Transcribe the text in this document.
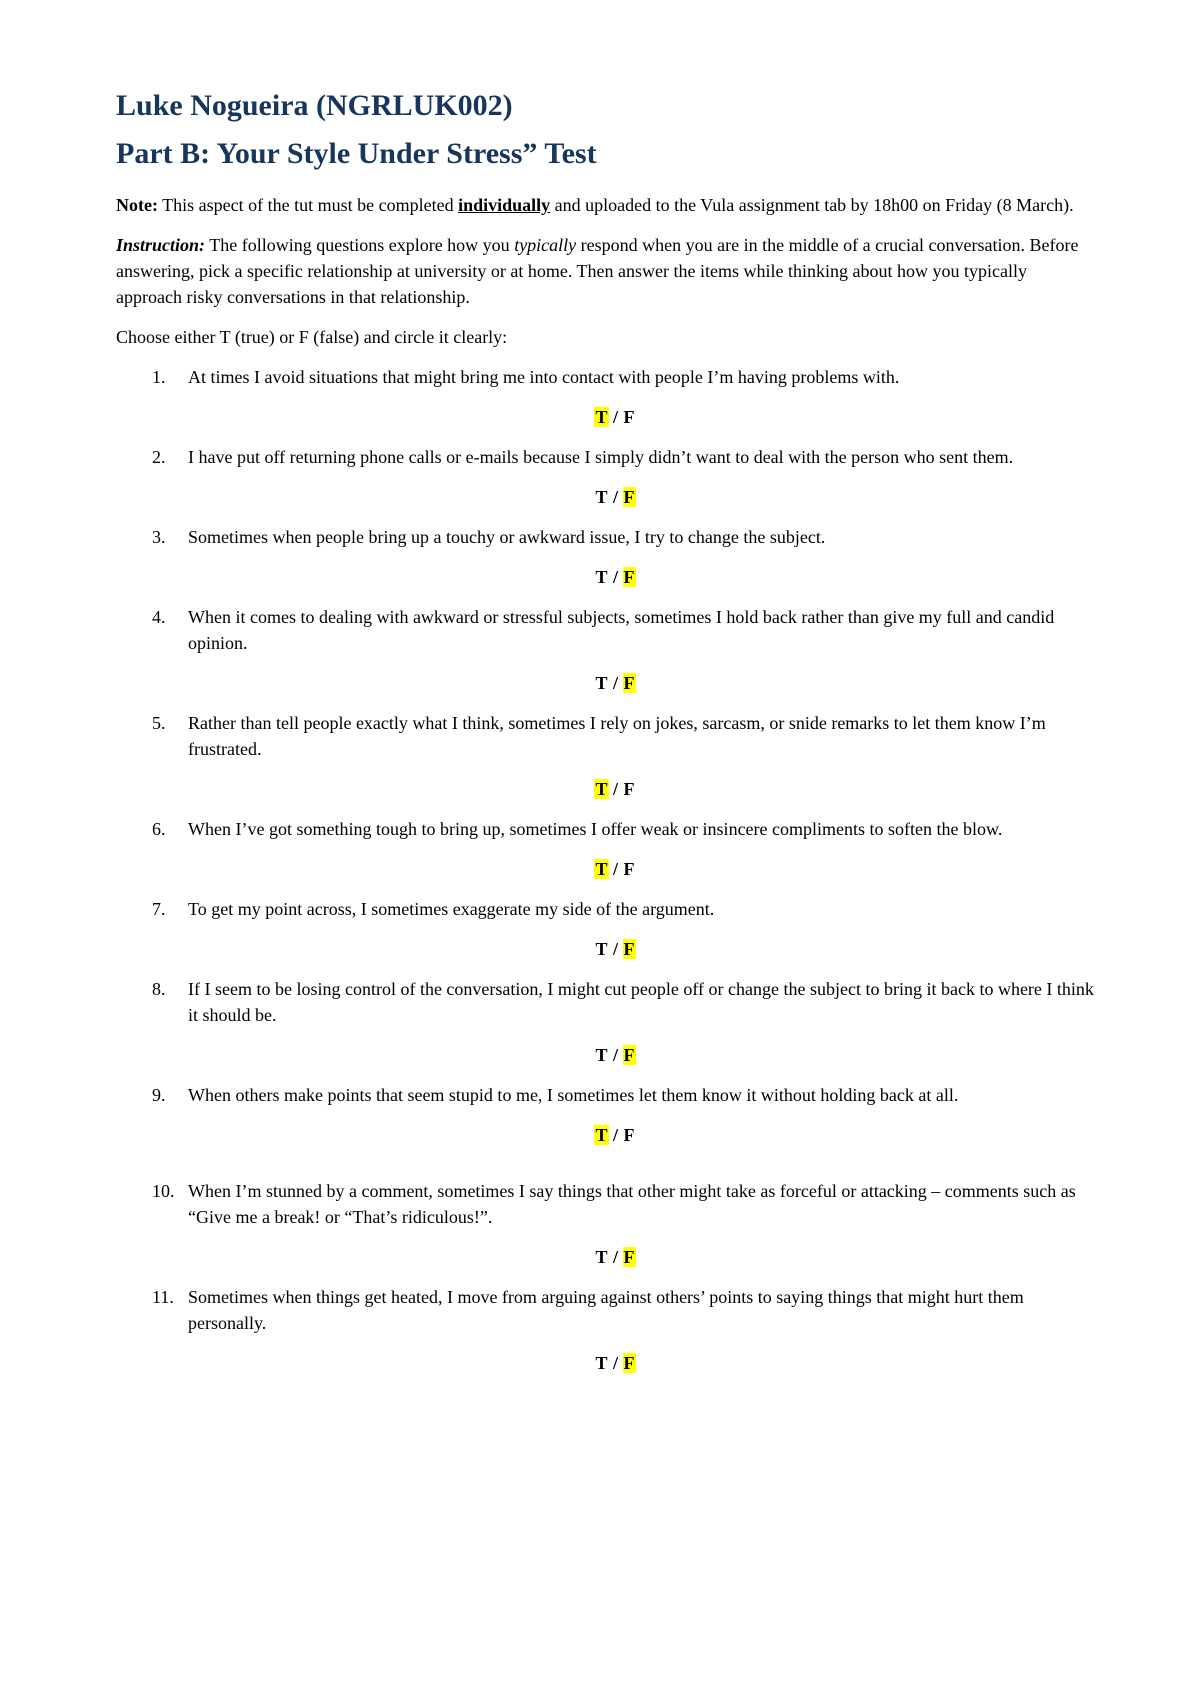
Luke Nogueira (NGRLUK002)
Part B: Your Style Under Stress” Test

Note: This aspect of the tut must be completed individually and uploaded to the Vula assignment tab by 18h00 on Friday (8 March).

Instruction: The following questions explore how you typically respond when you are in the middle of a crucial conversation. Before answering, pick a specific relationship at university or at home. Then answer the items while thinking about how you typically approach risky conversations in that relationship.

Choose either T (true) or F (false) and circle it clearly:

1.	At times I avoid situations that might bring me into contact with people I’m having problems with.
T / F
2.	I have put off returning phone calls or e-mails because I simply didn’t want to deal with the person who sent them.
T / F
3.	Sometimes when people bring up a touchy or awkward issue, I try to change the subject.
T / F
4.	When it comes to dealing with awkward or stressful subjects, sometimes I hold back rather than give my full and candid opinion.
T / F
5.	Rather than tell people exactly what I think, sometimes I rely on jokes, sarcasm, or snide remarks to let them know I’m frustrated.
T / F
6.	When I’ve got something tough to bring up, sometimes I offer weak or insincere compliments to soften the blow.
T / F
7.	To get my point across, I sometimes exaggerate my side of the argument.
T / F
8.	If I seem to be losing control of the conversation, I might cut people off or change the subject to bring it back to where I think it should be.
T / F
9.	When others make points that seem stupid to me, I sometimes let them know it without holding back at all.
T / F
10. When I’m stunned by a comment, sometimes I say things that other might take as forceful or attacking – comments such as “Give me a break! or “That’s ridiculous!”.
T / F
11. Sometimes when things get heated, I move from arguing against others’ points to saying things that might hurt them personally.
T / F
